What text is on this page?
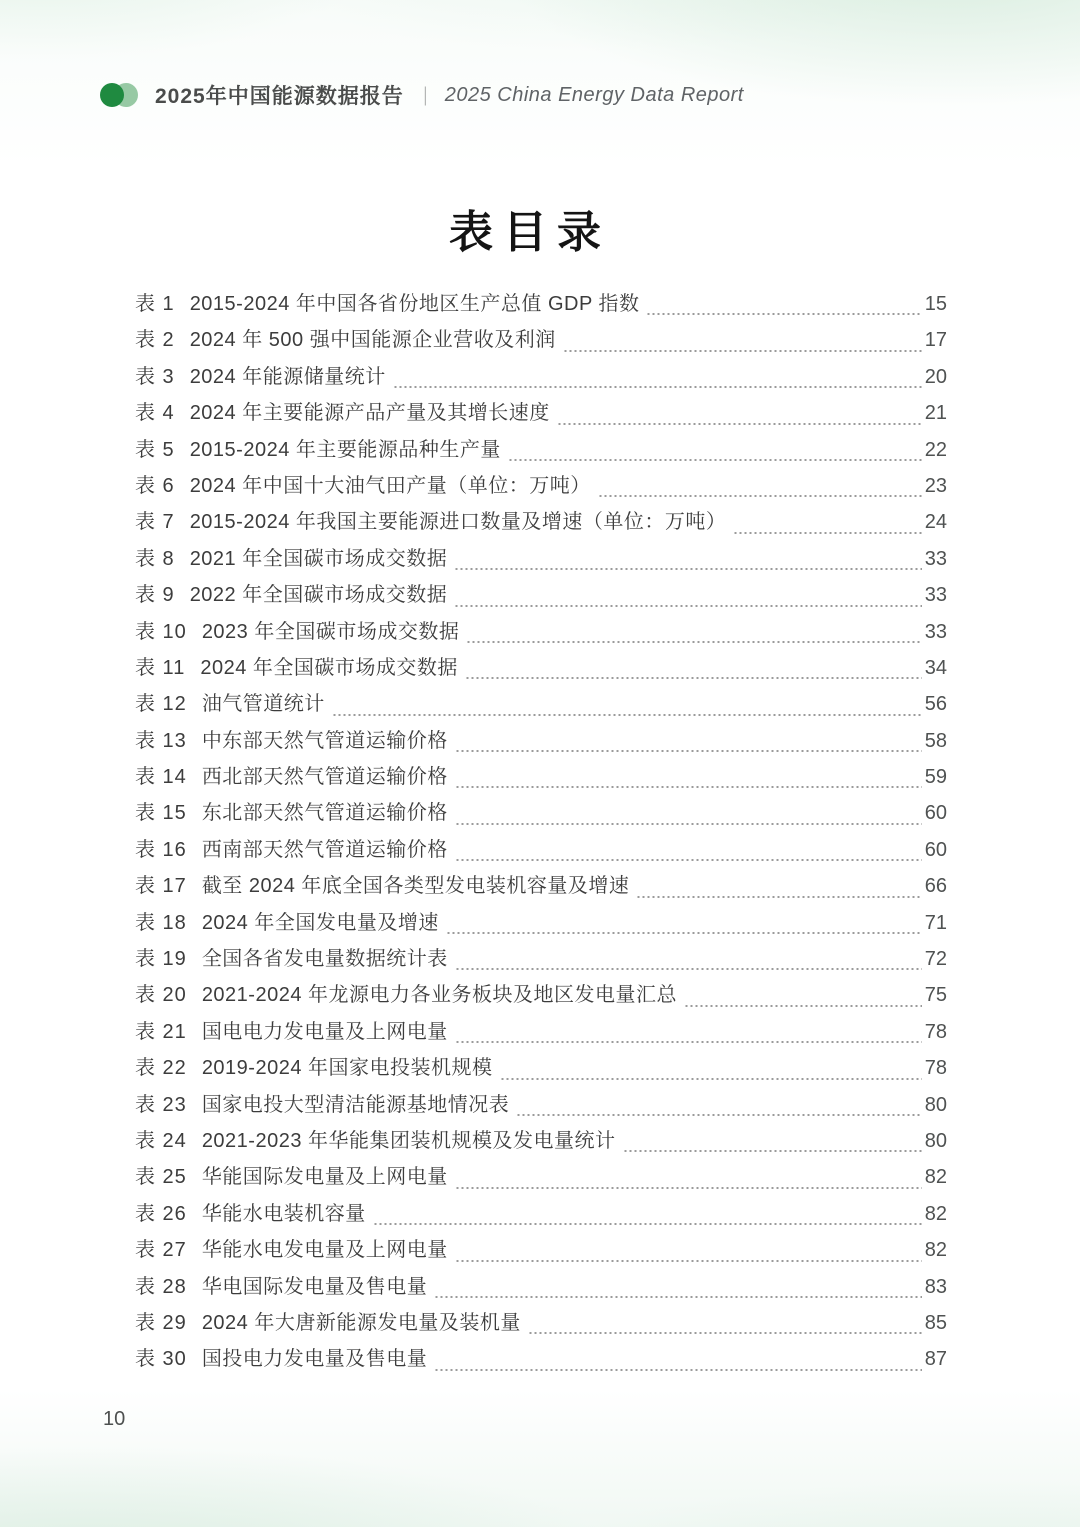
2025年中国能源数据报告 ｜ 2025 China Energy Data Report
表目录
表 1 2015-2024 年中国各省份地区生产总值 GDP 指数	15
表 2 2024 年 500 强中国能源企业营收及利润	17
表 3 2024 年能源储量统计	20
表 4 2024 年主要能源产品产量及其增长速度	21
表 5 2015-2024 年主要能源品种生产量	22
表 6 2024 年中国十大油气田产量（单位：万吨）	23
表 7 2015-2024 年我国主要能源进口数量及增速（单位：万吨）	24
表 8 2021 年全国碳市场成交数据	33
表 9 2022 年全国碳市场成交数据	33
表 10 2023 年全国碳市场成交数据	33
表 11 2024 年全国碳市场成交数据	34
表 12 油气管道统计	56
表 13 中东部天然气管道运输价格	58
表 14 西北部天然气管道运输价格	59
表 15 东北部天然气管道运输价格	60
表 16 西南部天然气管道运输价格	60
表 17 截至 2024 年底全国各类型发电装机容量及增速	66
表 18 2024 年全国发电量及增速	71
表 19 全国各省发电量数据统计表	72
表 20 2021-2024 年龙源电力各业务板块及地区发电量汇总	75
表 21 国电电力发电量及上网电量	78
表 22 2019-2024 年国家电投装机规模	78
表 23 国家电投大型清洁能源基地情况表	80
表 24 2021-2023 年华能集团装机规模及发电量统计	80
表 25 华能国际发电量及上网电量	82
表 26 华能水电装机容量	82
表 27 华能水电发电量及上网电量	82
表 28 华电国际发电量及售电量	83
表 29 2024 年大唐新能源发电量及装机量	85
表 30 国投电力发电量及售电量	87
10
